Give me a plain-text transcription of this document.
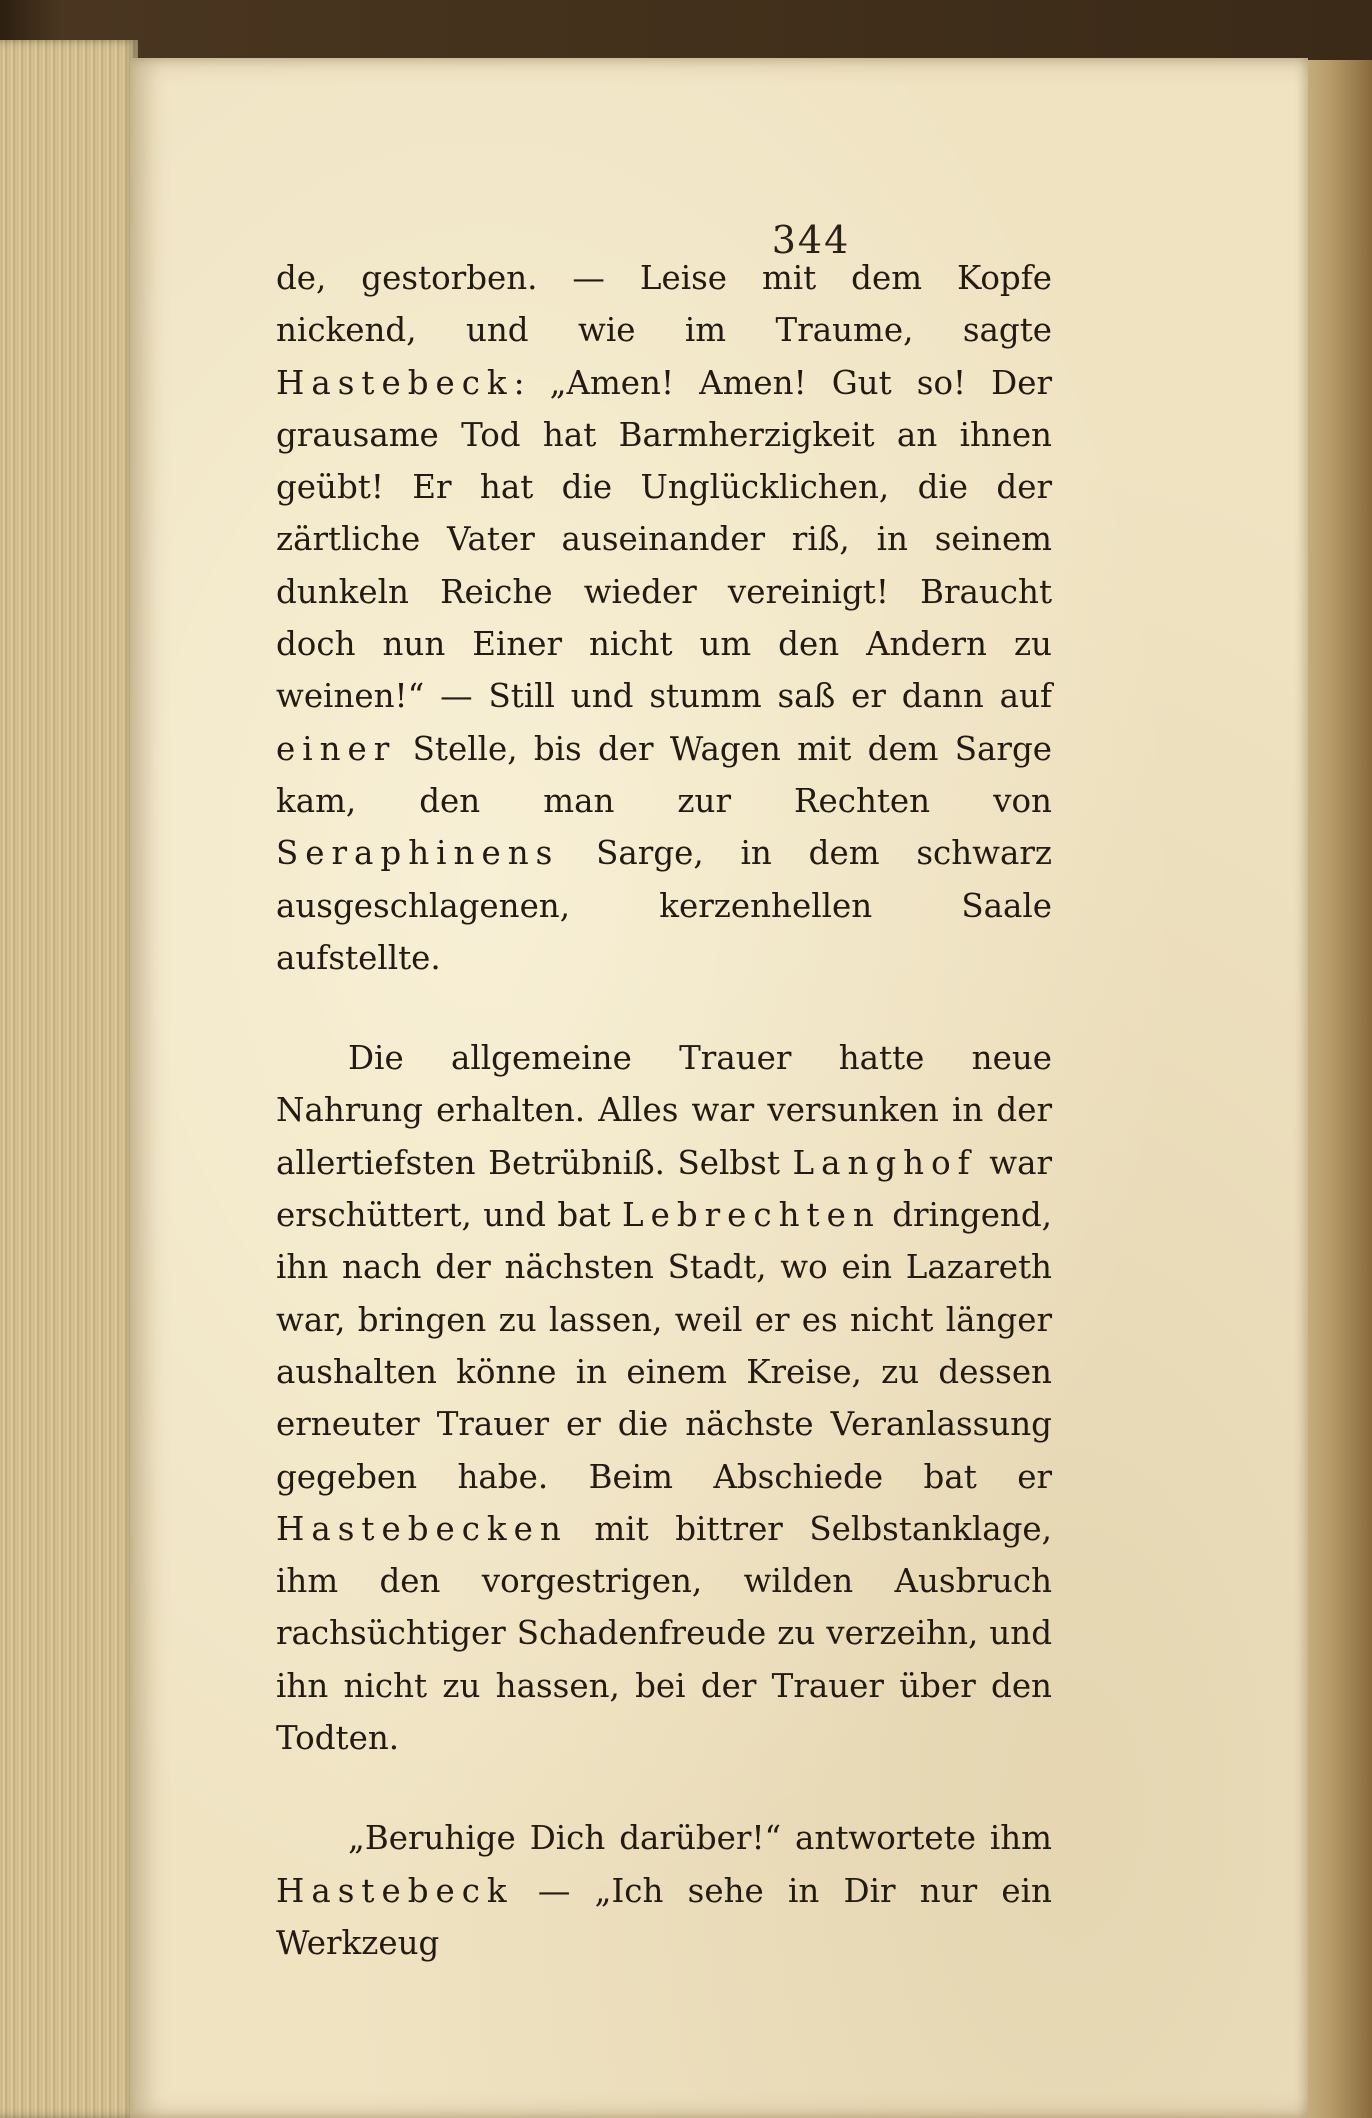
344

de, gestorben. — Leise mit dem Kopfe nickend, und wie im Traume, sagte Hastebeck: „Amen! Amen! Gut so! Der grausame Tod hat Barmherzigkeit an ihnen geübt! Er hat die Unglücklichen, die der zärtliche Vater auseinander riß, in seinem dunkeln Reiche wieder vereinigt! Braucht doch nun Einer nicht um den Andern zu weinen!“ — Still und stumm saß er dann auf einer Stelle, bis der Wagen mit dem Sarge kam, den man zur Rechten von Seraphinens Sarge, in dem schwarz ausgeschlagenen, kerzenhellen Saale aufstellte.

Die allgemeine Trauer hatte neue Nahrung erhalten. Alles war versunken in der allertiefsten Betrübniß. Selbst Langhof war erschüttert, und bat Lebrechten dringend, ihn nach der nächsten Stadt, wo ein Lazareth war, bringen zu lassen, weil er es nicht länger aushalten könne in einem Kreise, zu dessen erneuter Trauer er die nächste Veranlassung gegeben habe. Beim Abschiede bat er Hastebecken mit bittrer Selbstanklage, ihm den vorgestrigen, wilden Ausbruch rachsüchtiger Schadenfreude zu verzeihn, und ihn nicht zu hassen, bei der Trauer über den Todten.

„Beruhige Dich darüber!“ antwortete ihm Hastebeck — „Ich sehe in Dir nur ein Werkzeug
